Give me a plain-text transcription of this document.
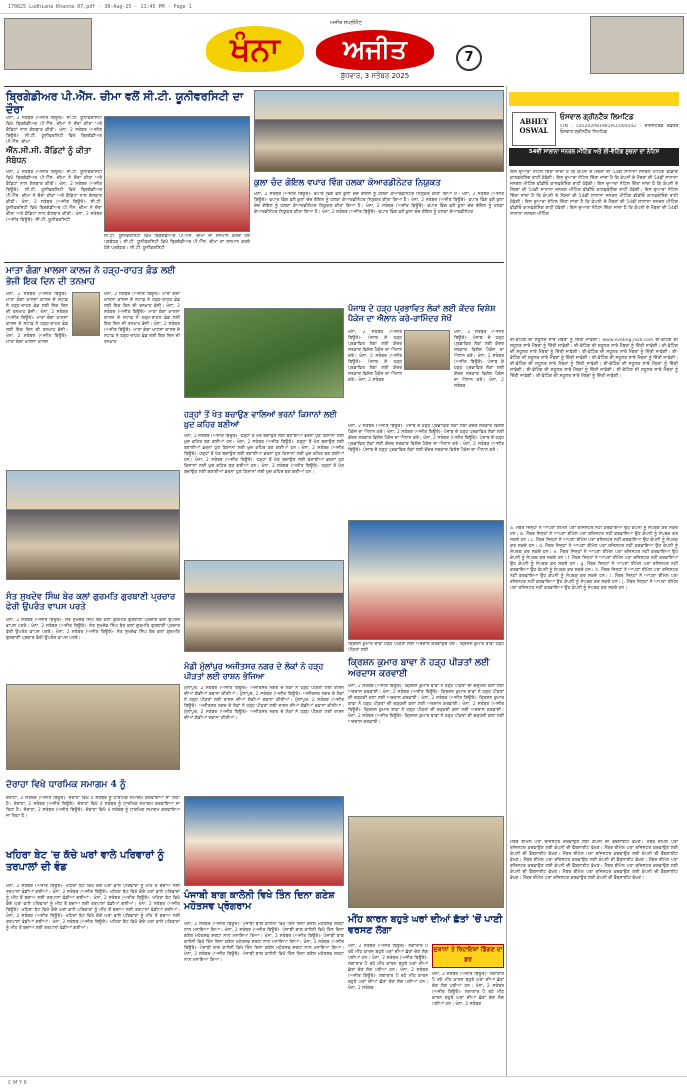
170825 Ludhiana Khanna 07.pdf · 30-Aug-25 · 11:45 PM · Page 1
ਅਜੀਤ ਸਪਲੀਮੈਂਟ
ਖੰਨਾ	ਅਜੀਤ	7
ਬੁੱਧਵਾਰ, 3 ਸਤੰਬਰ 2025
ਬ੍ਰਿਗੇਡੀਅਰ ਪੀ.ਐੱਸ. ਚੀਮਾ ਵਲੋਂ ਸੀ.ਟੀ. ਯੂਨੀਵਰਸਿਟੀ ਦਾ ਦੌਰਾ
ਖੰਨਾ, 2 ਸਤੰਬਰ (ਅਜੀਤ ਬਿਊਰੋ)- ਸੀ.ਟੀ. ਯੂਨੀਵਰਸਿਟੀ ਵਿਖੇ ਬ੍ਰਿਗੇਡੀਅਰ ਪੀ.ਐੱਸ. ਚੀਮਾ ਨੇ ਦੌਰਾ ਕੀਤਾ ਅਤੇ ਕੈਡਿਟਾਂ ਨਾਲ ਗੱਲਬਾਤ ਕੀਤੀ। ਖੰਨਾ, 2 ਸਤੰਬਰ (ਅਜੀਤ ਬਿਊਰੋ)- ਸੀ.ਟੀ. ਯੂਨੀਵਰਸਿਟੀ ਵਿਖੇ ਬ੍ਰਿਗੇਡੀਅਰ ਪੀ.ਐੱਸ. ਚੀਮਾ
ਐੱਨ.ਸੀ.ਸੀ. ਕੈਡਿਟਾਂ ਨੂੰ ਕੀਤਾ ਸੰਬੋਧਨ
ਖੰਨਾ, 2 ਸਤੰਬਰ (ਅਜੀਤ ਬਿਊਰੋ)- ਸੀ.ਟੀ. ਯੂਨੀਵਰਸਿਟੀ ਵਿਖੇ ਬ੍ਰਿਗੇਡੀਅਰ ਪੀ.ਐੱਸ. ਚੀਮਾ ਨੇ ਦੌਰਾ ਕੀਤਾ ਅਤੇ ਕੈਡਿਟਾਂ ਨਾਲ ਗੱਲਬਾਤ ਕੀਤੀ। ਖੰਨਾ, 2 ਸਤੰਬਰ (ਅਜੀਤ ਬਿਊਰੋ)- ਸੀ.ਟੀ. ਯੂਨੀਵਰਸਿਟੀ ਵਿਖੇ ਬ੍ਰਿਗੇਡੀਅਰ ਪੀ.ਐੱਸ. ਚੀਮਾ ਨੇ ਦੌਰਾ ਕੀਤਾ ਅਤੇ ਕੈਡਿਟਾਂ ਨਾਲ ਗੱਲਬਾਤ ਕੀਤੀ। ਖੰਨਾ, 2 ਸਤੰਬਰ (ਅਜੀਤ ਬਿਊਰੋ)- ਸੀ.ਟੀ. ਯੂਨੀਵਰਸਿਟੀ ਵਿਖੇ ਬ੍ਰਿਗੇਡੀਅਰ ਪੀ.ਐੱਸ. ਚੀਮਾ ਨੇ ਦੌਰਾ ਕੀਤਾ ਅਤੇ ਕੈਡਿਟਾਂ ਨਾਲ ਗੱਲਬਾਤ ਕੀਤੀ। ਖੰਨਾ, 2 ਸਤੰਬਰ (ਅਜੀਤ ਬਿਊਰੋ)- ਸੀ.ਟੀ. ਯੂਨੀਵਰਸਿਟੀ
ਸੀ.ਟੀ. ਯੂਨੀਵਰਸਿਟੀ ਵਿਖੇ ਬ੍ਰਿਗੇਡੀਅਰ ਪੀ.ਐੱਸ. ਚੀਮਾ ਦਾ ਸਨਮਾਨ ਕਰਦੇ ਹੋਏ ਪ੍ਰਬੰਧਕ। ਸੀ.ਟੀ. ਯੂਨੀਵਰਸਿਟੀ ਵਿਖੇ ਬ੍ਰਿਗੇਡੀਅਰ ਪੀ.ਐੱਸ. ਚੀਮਾ ਦਾ ਸਨਮਾਨ ਕਰਦੇ ਹੋਏ ਪ੍ਰਬੰਧਕ। ਸੀ.ਟੀ. ਯੂਨੀਵਰਸਿਟੀ
ਕੁਲਾ ਚੰਦ ਗੋਇਲ ਵਪਾਰ ਵਿੰਗ ਹਲਕਾ ਕੋਆਰਡੀਨੇਟਰ ਨਿਯੁਕਤ
ਖੰਨਾ, 2 ਸਤੰਬਰ (ਅਜੀਤ ਬਿਊਰੋ)- ਵਪਾਰ ਵਿੰਗ ਵਲੋਂ ਕੁਲਾ ਚੰਦ ਗੋਇਲ ਨੂੰ ਹਲਕਾ ਕੋਆਰਡੀਨੇਟਰ ਨਿਯੁਕਤ ਕੀਤਾ ਗਿਆ ਹੈ। ਖੰਨਾ, 2 ਸਤੰਬਰ (ਅਜੀਤ ਬਿਊਰੋ)- ਵਪਾਰ ਵਿੰਗ ਵਲੋਂ ਕੁਲਾ ਚੰਦ ਗੋਇਲ ਨੂੰ ਹਲਕਾ ਕੋਆਰਡੀਨੇਟਰ ਨਿਯੁਕਤ ਕੀਤਾ ਗਿਆ ਹੈ। ਖੰਨਾ, 2 ਸਤੰਬਰ (ਅਜੀਤ ਬਿਊਰੋ)- ਵਪਾਰ ਵਿੰਗ ਵਲੋਂ ਕੁਲਾ ਚੰਦ ਗੋਇਲ ਨੂੰ ਹਲਕਾ ਕੋਆਰਡੀਨੇਟਰ ਨਿਯੁਕਤ ਕੀਤਾ ਗਿਆ ਹੈ। ਖੰਨਾ, 2 ਸਤੰਬਰ (ਅਜੀਤ ਬਿਊਰੋ)- ਵਪਾਰ ਵਿੰਗ ਵਲੋਂ ਕੁਲਾ ਚੰਦ ਗੋਇਲ ਨੂੰ ਹਲਕਾ ਕੋਆਰਡੀਨੇਟਰ ਨਿਯੁਕਤ ਕੀਤਾ ਗਿਆ ਹੈ। ਖੰਨਾ, 2 ਸਤੰਬਰ (ਅਜੀਤ ਬਿਊਰੋ)- ਵਪਾਰ ਵਿੰਗ ਵਲੋਂ ਕੁਲਾ ਚੰਦ ਗੋਇਲ ਨੂੰ ਹਲਕਾ ਕੋਆਰਡੀਨੇਟਰ
ਮਾਤਾ ਗੰਗਾ ਖ਼ਾਲਸਾ ਕਾਲਜ ਨੇ ਹੜ੍ਹ-ਰਾਹਤ ਫ਼ੰਡ ਲਈ ਭੇਜੀ ਇਕ ਦਿਨ ਦੀ ਤਨਖ਼ਾਹ
ਖੰਨਾ, 2 ਸਤੰਬਰ (ਅਜੀਤ ਬਿਊਰੋ)- ਮਾਤਾ ਗੰਗਾ ਖ਼ਾਲਸਾ ਕਾਲਜ ਦੇ ਸਟਾਫ਼ ਨੇ ਹੜ੍ਹ-ਰਾਹਤ ਫ਼ੰਡ ਲਈ ਇਕ ਦਿਨ ਦੀ ਤਨਖ਼ਾਹ ਭੇਜੀ। ਖੰਨਾ, 2 ਸਤੰਬਰ (ਅਜੀਤ ਬਿਊਰੋ)- ਮਾਤਾ ਗੰਗਾ ਖ਼ਾਲਸਾ ਕਾਲਜ ਦੇ ਸਟਾਫ਼ ਨੇ ਹੜ੍ਹ-ਰਾਹਤ ਫ਼ੰਡ ਲਈ ਇਕ ਦਿਨ ਦੀ ਤਨਖ਼ਾਹ ਭੇਜੀ। ਖੰਨਾ, 2 ਸਤੰਬਰ (ਅਜੀਤ ਬਿਊਰੋ)- ਮਾਤਾ ਗੰਗਾ ਖ਼ਾਲਸਾ ਕਾਲਜ
ਖੰਨਾ, 2 ਸਤੰਬਰ (ਅਜੀਤ ਬਿਊਰੋ)- ਮਾਤਾ ਗੰਗਾ ਖ਼ਾਲਸਾ ਕਾਲਜ ਦੇ ਸਟਾਫ਼ ਨੇ ਹੜ੍ਹ-ਰਾਹਤ ਫ਼ੰਡ ਲਈ ਇਕ ਦਿਨ ਦੀ ਤਨਖ਼ਾਹ ਭੇਜੀ। ਖੰਨਾ, 2 ਸਤੰਬਰ (ਅਜੀਤ ਬਿਊਰੋ)- ਮਾਤਾ ਗੰਗਾ ਖ਼ਾਲਸਾ ਕਾਲਜ ਦੇ ਸਟਾਫ਼ ਨੇ ਹੜ੍ਹ-ਰਾਹਤ ਫ਼ੰਡ ਲਈ ਇਕ ਦਿਨ ਦੀ ਤਨਖ਼ਾਹ ਭੇਜੀ। ਖੰਨਾ, 2 ਸਤੰਬਰ (ਅਜੀਤ ਬਿਊਰੋ)- ਮਾਤਾ ਗੰਗਾ ਖ਼ਾਲਸਾ ਕਾਲਜ ਦੇ ਸਟਾਫ਼ ਨੇ ਹੜ੍ਹ-ਰਾਹਤ ਫ਼ੰਡ ਲਈ ਇਕ ਦਿਨ ਦੀ ਤਨਖ਼ਾਹ
ਹੜ੍ਹਾਂ ਤੋਂ ਖੇਤ ਬਚਾਉਣ ਵਾਲਿਆਂ ਭਰਨਾਂ ਕਿਸਾਨਾਂ ਲਈ ਖ਼ੁਦ ਕਹਿਰ ਬਣੀਆਂ
ਖੰਨਾ, 2 ਸਤੰਬਰ (ਅਜੀਤ ਬਿਊਰੋ)- ਹੜ੍ਹਾਂ ਤੋਂ ਖੇਤ ਬਚਾਉਣ ਲਈ ਬਣਾਈਆਂ ਭਰਨਾਂ ਹੁਣ ਕਿਸਾਨਾਂ ਲਈ ਖ਼ੁਦ ਕਹਿਰ ਬਣ ਗਈਆਂ ਹਨ। ਖੰਨਾ, 2 ਸਤੰਬਰ (ਅਜੀਤ ਬਿਊਰੋ)- ਹੜ੍ਹਾਂ ਤੋਂ ਖੇਤ ਬਚਾਉਣ ਲਈ ਬਣਾਈਆਂ ਭਰਨਾਂ ਹੁਣ ਕਿਸਾਨਾਂ ਲਈ ਖ਼ੁਦ ਕਹਿਰ ਬਣ ਗਈਆਂ ਹਨ। ਖੰਨਾ, 2 ਸਤੰਬਰ (ਅਜੀਤ ਬਿਊਰੋ)- ਹੜ੍ਹਾਂ ਤੋਂ ਖੇਤ ਬਚਾਉਣ ਲਈ ਬਣਾਈਆਂ ਭਰਨਾਂ ਹੁਣ ਕਿਸਾਨਾਂ ਲਈ ਖ਼ੁਦ ਕਹਿਰ ਬਣ ਗਈਆਂ ਹਨ। ਖੰਨਾ, 2 ਸਤੰਬਰ (ਅਜੀਤ ਬਿਊਰੋ)- ਹੜ੍ਹਾਂ ਤੋਂ ਖੇਤ ਬਚਾਉਣ ਲਈ ਬਣਾਈਆਂ ਭਰਨਾਂ ਹੁਣ ਕਿਸਾਨਾਂ ਲਈ ਖ਼ੁਦ ਕਹਿਰ ਬਣ ਗਈਆਂ ਹਨ। ਖੰਨਾ, 2 ਸਤੰਬਰ (ਅਜੀਤ ਬਿਊਰੋ)- ਹੜ੍ਹਾਂ ਤੋਂ ਖੇਤ ਬਚਾਉਣ ਲਈ ਬਣਾਈਆਂ ਭਰਨਾਂ ਹੁਣ ਕਿਸਾਨਾਂ ਲਈ ਖ਼ੁਦ ਕਹਿਰ ਬਣ ਗਈਆਂ ਹਨ।
ਪੰਜਾਬ ਦੇ ਹੜ੍ਹ ਪ੍ਰਭਾਵਿਤ ਲੋਕਾਂ ਲਈ ਕੇਂਦਰ ਵਿਸ਼ੇਸ਼ ਪੈਕੇਜ ਦਾ ਐਲਾਨ ਕਰੇ-ਰਾਮਿੰਦਰ ਸੇਖੋਂ
ਖੰਨਾ, 2 ਸਤੰਬਰ (ਅਜੀਤ ਬਿਊਰੋ)- ਪੰਜਾਬ ਦੇ ਹੜ੍ਹ ਪ੍ਰਭਾਵਿਤ ਲੋਕਾਂ ਲਈ ਕੇਂਦਰ ਸਰਕਾਰ ਵਿਸ਼ੇਸ਼ ਪੈਕੇਜ ਦਾ ਐਲਾਨ ਕਰੇ। ਖੰਨਾ, 2 ਸਤੰਬਰ (ਅਜੀਤ ਬਿਊਰੋ)- ਪੰਜਾਬ ਦੇ ਹੜ੍ਹ ਪ੍ਰਭਾਵਿਤ ਲੋਕਾਂ ਲਈ ਕੇਂਦਰ ਸਰਕਾਰ ਵਿਸ਼ੇਸ਼ ਪੈਕੇਜ ਦਾ ਐਲਾਨ ਕਰੇ। ਖੰਨਾ, 2 ਸਤੰਬਰ
ਖੰਨਾ, 2 ਸਤੰਬਰ (ਅਜੀਤ ਬਿਊਰੋ)- ਪੰਜਾਬ ਦੇ ਹੜ੍ਹ ਪ੍ਰਭਾਵਿਤ ਲੋਕਾਂ ਲਈ ਕੇਂਦਰ ਸਰਕਾਰ ਵਿਸ਼ੇਸ਼ ਪੈਕੇਜ ਦਾ ਐਲਾਨ ਕਰੇ। ਖੰਨਾ, 2 ਸਤੰਬਰ (ਅਜੀਤ ਬਿਊਰੋ)- ਪੰਜਾਬ ਦੇ ਹੜ੍ਹ ਪ੍ਰਭਾਵਿਤ ਲੋਕਾਂ ਲਈ ਕੇਂਦਰ ਸਰਕਾਰ ਵਿਸ਼ੇਸ਼ ਪੈਕੇਜ ਦਾ ਐਲਾਨ ਕਰੇ। ਖੰਨਾ, 2 ਸਤੰਬਰ
ਖੰਨਾ, 2 ਸਤੰਬਰ (ਅਜੀਤ ਬਿਊਰੋ)- ਪੰਜਾਬ ਦੇ ਹੜ੍ਹ ਪ੍ਰਭਾਵਿਤ ਲੋਕਾਂ ਲਈ ਕੇਂਦਰ ਸਰਕਾਰ ਵਿਸ਼ੇਸ਼ ਪੈਕੇਜ ਦਾ ਐਲਾਨ ਕਰੇ। ਖੰਨਾ, 2 ਸਤੰਬਰ (ਅਜੀਤ ਬਿਊਰੋ)- ਪੰਜਾਬ ਦੇ ਹੜ੍ਹ ਪ੍ਰਭਾਵਿਤ ਲੋਕਾਂ ਲਈ ਕੇਂਦਰ ਸਰਕਾਰ ਵਿਸ਼ੇਸ਼ ਪੈਕੇਜ ਦਾ ਐਲਾਨ ਕਰੇ। ਖੰਨਾ, 2 ਸਤੰਬਰ (ਅਜੀਤ ਬਿਊਰੋ)- ਪੰਜਾਬ ਦੇ ਹੜ੍ਹ ਪ੍ਰਭਾਵਿਤ ਲੋਕਾਂ ਲਈ ਕੇਂਦਰ ਸਰਕਾਰ ਵਿਸ਼ੇਸ਼ ਪੈਕੇਜ ਦਾ ਐਲਾਨ ਕਰੇ। ਖੰਨਾ, 2 ਸਤੰਬਰ (ਅਜੀਤ ਬਿਊਰੋ)- ਪੰਜਾਬ ਦੇ ਹੜ੍ਹ ਪ੍ਰਭਾਵਿਤ ਲੋਕਾਂ ਲਈ ਕੇਂਦਰ ਸਰਕਾਰ ਵਿਸ਼ੇਸ਼ ਪੈਕੇਜ ਦਾ ਐਲਾਨ ਕਰੇ।
ਸੰਤ ਸੁਖਦੇਵ ਸਿੰਘ ਬੇਰ ਕਲਾਂ ਗੁਰਮਤਿ ਗੁਰਬਾਣੀ ਪ੍ਰਚਾਰ ਫੇਰੀ ਉਪਰੰਤ ਵਾਪਸ ਪਰਤੇ
ਖੰਨਾ, 2 ਸਤੰਬਰ (ਅਜੀਤ ਬਿਊਰੋ)- ਸੰਤ ਸੁਖਦੇਵ ਸਿੰਘ ਬੇਰ ਕਲਾਂ ਗੁਰਮਤਿ ਗੁਰਬਾਣੀ ਪ੍ਰਚਾਰ ਫੇਰੀ ਉਪਰੰਤ ਵਾਪਸ ਪਰਤੇ। ਖੰਨਾ, 2 ਸਤੰਬਰ (ਅਜੀਤ ਬਿਊਰੋ)- ਸੰਤ ਸੁਖਦੇਵ ਸਿੰਘ ਬੇਰ ਕਲਾਂ ਗੁਰਮਤਿ ਗੁਰਬਾਣੀ ਪ੍ਰਚਾਰ ਫੇਰੀ ਉਪਰੰਤ ਵਾਪਸ ਪਰਤੇ। ਖੰਨਾ, 2 ਸਤੰਬਰ (ਅਜੀਤ ਬਿਊਰੋ)- ਸੰਤ ਸੁਖਦੇਵ ਸਿੰਘ ਬੇਰ ਕਲਾਂ ਗੁਰਮਤਿ ਗੁਰਬਾਣੀ ਪ੍ਰਚਾਰ ਫੇਰੀ ਉਪਰੰਤ ਵਾਪਸ ਪਰਤੇ।
ਕ੍ਰਿਸ਼ਨ ਕੁਮਾਰ ਬਾਵਾ ਹੜ੍ਹ ਪੀੜਤਾਂ ਲਈ ਅਰਦਾਸ ਕਰਵਾਉਂਦੇ ਹੋਏ। ਕ੍ਰਿਸ਼ਨ ਕੁਮਾਰ ਬਾਵਾ ਹੜ੍ਹ ਪੀੜਤਾਂ ਲਈ
ਮੰਡੀ ਮੁੱਲਾਂਪੁਰ ਅਜੀਤਸਰ ਨਗਰ ਦੇ ਲੋਕਾਂ ਨੇ ਹੜ੍ਹ ਪੀੜਤਾਂ ਲਈ ਰਾਸ਼ਨ ਭੇਜਿਆ
ਮੁੱਲਾਂਪੁਰ, 2 ਸਤੰਬਰ (ਅਜੀਤ ਬਿਊਰੋ)- ਅਜੀਤਸਰ ਨਗਰ ਦੇ ਲੋਕਾਂ ਨੇ ਹੜ੍ਹ ਪੀੜਤਾਂ ਲਈ ਰਾਸ਼ਨ ਦੀਆਂ ਗੱਡੀਆਂ ਰਵਾਨਾ ਕੀਤੀਆਂ। ਮੁੱਲਾਂਪੁਰ, 2 ਸਤੰਬਰ (ਅਜੀਤ ਬਿਊਰੋ)- ਅਜੀਤਸਰ ਨਗਰ ਦੇ ਲੋਕਾਂ ਨੇ ਹੜ੍ਹ ਪੀੜਤਾਂ ਲਈ ਰਾਸ਼ਨ ਦੀਆਂ ਗੱਡੀਆਂ ਰਵਾਨਾ ਕੀਤੀਆਂ। ਮੁੱਲਾਂਪੁਰ, 2 ਸਤੰਬਰ (ਅਜੀਤ ਬਿਊਰੋ)- ਅਜੀਤਸਰ ਨਗਰ ਦੇ ਲੋਕਾਂ ਨੇ ਹੜ੍ਹ ਪੀੜਤਾਂ ਲਈ ਰਾਸ਼ਨ ਦੀਆਂ ਗੱਡੀਆਂ ਰਵਾਨਾ ਕੀਤੀਆਂ। ਮੁੱਲਾਂਪੁਰ, 2 ਸਤੰਬਰ (ਅਜੀਤ ਬਿਊਰੋ)- ਅਜੀਤਸਰ ਨਗਰ ਦੇ ਲੋਕਾਂ ਨੇ ਹੜ੍ਹ ਪੀੜਤਾਂ ਲਈ ਰਾਸ਼ਨ ਦੀਆਂ ਗੱਡੀਆਂ ਰਵਾਨਾ ਕੀਤੀਆਂ।
ਕ੍ਰਿਸ਼ਨ ਕੁਮਾਰ ਬਾਵਾ ਨੇ ਹੜ੍ਹ ਪੀੜਤਾਂ ਲਈ ਅਰਦਾਸ ਕਰਵਾਈ
ਖੰਨਾ, 2 ਸਤੰਬਰ (ਅਜੀਤ ਬਿਊਰੋ)- ਕ੍ਰਿਸ਼ਨ ਕੁਮਾਰ ਬਾਵਾ ਨੇ ਹੜ੍ਹ ਪੀੜਤਾਂ ਦੀ ਚੜ੍ਹਦੀ ਕਲਾ ਲਈ ਅਰਦਾਸ ਕਰਵਾਈ। ਖੰਨਾ, 2 ਸਤੰਬਰ (ਅਜੀਤ ਬਿਊਰੋ)- ਕ੍ਰਿਸ਼ਨ ਕੁਮਾਰ ਬਾਵਾ ਨੇ ਹੜ੍ਹ ਪੀੜਤਾਂ ਦੀ ਚੜ੍ਹਦੀ ਕਲਾ ਲਈ ਅਰਦਾਸ ਕਰਵਾਈ। ਖੰਨਾ, 2 ਸਤੰਬਰ (ਅਜੀਤ ਬਿਊਰੋ)- ਕ੍ਰਿਸ਼ਨ ਕੁਮਾਰ ਬਾਵਾ ਨੇ ਹੜ੍ਹ ਪੀੜਤਾਂ ਦੀ ਚੜ੍ਹਦੀ ਕਲਾ ਲਈ ਅਰਦਾਸ ਕਰਵਾਈ। ਖੰਨਾ, 2 ਸਤੰਬਰ (ਅਜੀਤ ਬਿਊਰੋ)- ਕ੍ਰਿਸ਼ਨ ਕੁਮਾਰ ਬਾਵਾ ਨੇ ਹੜ੍ਹ ਪੀੜਤਾਂ ਦੀ ਚੜ੍ਹਦੀ ਕਲਾ ਲਈ ਅਰਦਾਸ ਕਰਵਾਈ। ਖੰਨਾ, 2 ਸਤੰਬਰ (ਅਜੀਤ ਬਿਊਰੋ)- ਕ੍ਰਿਸ਼ਨ ਕੁਮਾਰ ਬਾਵਾ ਨੇ ਹੜ੍ਹ ਪੀੜਤਾਂ ਦੀ ਚੜ੍ਹਦੀ ਕਲਾ ਲਈ ਅਰਦਾਸ ਕਰਵਾਈ।
ਦੋਰਾਹਾ ਵਿਖੇ ਧਾਰਮਿਕ ਸਮਾਗਮ 4 ਨੂੰ
ਦੋਰਾਹਾ, 2 ਸਤੰਬਰ (ਅਜੀਤ ਬਿਊਰੋ)- ਦੋਰਾਹਾ ਵਿਖੇ 4 ਸਤੰਬਰ ਨੂੰ ਧਾਰਮਿਕ ਸਮਾਗਮ ਕਰਵਾਇਆ ਜਾ ਰਿਹਾ ਹੈ। ਦੋਰਾਹਾ, 2 ਸਤੰਬਰ (ਅਜੀਤ ਬਿਊਰੋ)- ਦੋਰਾਹਾ ਵਿਖੇ 4 ਸਤੰਬਰ ਨੂੰ ਧਾਰਮਿਕ ਸਮਾਗਮ ਕਰਵਾਇਆ ਜਾ ਰਿਹਾ ਹੈ। ਦੋਰਾਹਾ, 2 ਸਤੰਬਰ (ਅਜੀਤ ਬਿਊਰੋ)- ਦੋਰਾਹਾ ਵਿਖੇ 4 ਸਤੰਬਰ ਨੂੰ ਧਾਰਮਿਕ ਸਮਾਗਮ ਕਰਵਾਇਆ ਜਾ ਰਿਹਾ ਹੈ।
ਖਹਿਰਾ ਬੇਟ 'ਚ ਕੱਚੇ ਘਰਾਂ ਵਾਲੇ ਪਰਿਵਾਰਾਂ ਨੂੰ ਤਰਪਾਲਾਂ ਦੀ ਵੰਡ
ਖੰਨਾ, 2 ਸਤੰਬਰ (ਅਜੀਤ ਬਿਊਰੋ)- ਖਹਿਰਾ ਬੇਟ ਵਿਖੇ ਕੱਚੇ ਘਰਾਂ ਵਾਲੇ ਪਰਿਵਾਰਾਂ ਨੂੰ ਮੀਂਹ ਤੋਂ ਬਚਾਅ ਲਈ ਤਰਪਾਲਾਂ ਵੰਡੀਆਂ ਗਈਆਂ। ਖੰਨਾ, 2 ਸਤੰਬਰ (ਅਜੀਤ ਬਿਊਰੋ)- ਖਹਿਰਾ ਬੇਟ ਵਿਖੇ ਕੱਚੇ ਘਰਾਂ ਵਾਲੇ ਪਰਿਵਾਰਾਂ ਨੂੰ ਮੀਂਹ ਤੋਂ ਬਚਾਅ ਲਈ ਤਰਪਾਲਾਂ ਵੰਡੀਆਂ ਗਈਆਂ। ਖੰਨਾ, 2 ਸਤੰਬਰ (ਅਜੀਤ ਬਿਊਰੋ)- ਖਹਿਰਾ ਬੇਟ ਵਿਖੇ ਕੱਚੇ ਘਰਾਂ ਵਾਲੇ ਪਰਿਵਾਰਾਂ ਨੂੰ ਮੀਂਹ ਤੋਂ ਬਚਾਅ ਲਈ ਤਰਪਾਲਾਂ ਵੰਡੀਆਂ ਗਈਆਂ। ਖੰਨਾ, 2 ਸਤੰਬਰ (ਅਜੀਤ ਬਿਊਰੋ)- ਖਹਿਰਾ ਬੇਟ ਵਿਖੇ ਕੱਚੇ ਘਰਾਂ ਵਾਲੇ ਪਰਿਵਾਰਾਂ ਨੂੰ ਮੀਂਹ ਤੋਂ ਬਚਾਅ ਲਈ ਤਰਪਾਲਾਂ ਵੰਡੀਆਂ ਗਈਆਂ। ਖੰਨਾ, 2 ਸਤੰਬਰ (ਅਜੀਤ ਬਿਊਰੋ)- ਖਹਿਰਾ ਬੇਟ ਵਿਖੇ ਕੱਚੇ ਘਰਾਂ ਵਾਲੇ ਪਰਿਵਾਰਾਂ ਨੂੰ ਮੀਂਹ ਤੋਂ ਬਚਾਅ ਲਈ ਤਰਪਾਲਾਂ ਵੰਡੀਆਂ ਗਈਆਂ। ਖੰਨਾ, 2 ਸਤੰਬਰ (ਅਜੀਤ ਬਿਊਰੋ)- ਖਹਿਰਾ ਬੇਟ ਵਿਖੇ ਕੱਚੇ ਘਰਾਂ ਵਾਲੇ ਪਰਿਵਾਰਾਂ ਨੂੰ ਮੀਂਹ ਤੋਂ ਬਚਾਅ ਲਈ ਤਰਪਾਲਾਂ ਵੰਡੀਆਂ ਗਈਆਂ।
ਪੰਜਾਬੀ ਬਾਗ ਕਾਲੋਨੀ ਵਿਖੇ ਤਿੰਨ ਦਿਨਾ ਗਣੇਸ਼ ਮਹੋਤਸਵ ਪ੍ਰੋਗਰਾਮ
ਖੰਨਾ, 2 ਸਤੰਬਰ (ਅਜੀਤ ਬਿਊਰੋ)- ਪੰਜਾਬੀ ਬਾਗ ਕਾਲੋਨੀ ਵਿਖੇ ਤਿੰਨ ਦਿਨਾ ਗਣੇਸ਼ ਮਹੋਤਸਵ ਸ਼ਰਧਾ ਨਾਲ ਮਨਾਇਆ ਗਿਆ। ਖੰਨਾ, 2 ਸਤੰਬਰ (ਅਜੀਤ ਬਿਊਰੋ)- ਪੰਜਾਬੀ ਬਾਗ ਕਾਲੋਨੀ ਵਿਖੇ ਤਿੰਨ ਦਿਨਾ ਗਣੇਸ਼ ਮਹੋਤਸਵ ਸ਼ਰਧਾ ਨਾਲ ਮਨਾਇਆ ਗਿਆ। ਖੰਨਾ, 2 ਸਤੰਬਰ (ਅਜੀਤ ਬਿਊਰੋ)- ਪੰਜਾਬੀ ਬਾਗ ਕਾਲੋਨੀ ਵਿਖੇ ਤਿੰਨ ਦਿਨਾ ਗਣੇਸ਼ ਮਹੋਤਸਵ ਸ਼ਰਧਾ ਨਾਲ ਮਨਾਇਆ ਗਿਆ। ਖੰਨਾ, 2 ਸਤੰਬਰ (ਅਜੀਤ ਬਿਊਰੋ)- ਪੰਜਾਬੀ ਬਾਗ ਕਾਲੋਨੀ ਵਿਖੇ ਤਿੰਨ ਦਿਨਾ ਗਣੇਸ਼ ਮਹੋਤਸਵ ਸ਼ਰਧਾ ਨਾਲ ਮਨਾਇਆ ਗਿਆ। ਖੰਨਾ, 2 ਸਤੰਬਰ (ਅਜੀਤ ਬਿਊਰੋ)- ਪੰਜਾਬੀ ਬਾਗ ਕਾਲੋਨੀ ਵਿਖੇ ਤਿੰਨ ਦਿਨਾ ਗਣੇਸ਼ ਮਹੋਤਸਵ ਸ਼ਰਧਾ ਨਾਲ ਮਨਾਇਆ ਗਿਆ।
ਮੀਂਹ ਕਾਰਨ ਬਹੁਤੇ ਘਰਾਂ ਦੀਆਂ ਛੱਤਾਂ 'ਚੋਂ ਪਾਣੀ ਵਰਸਣ ਲੱਗਾ
ਖੰਨਾ, 2 ਸਤੰਬਰ (ਅਜੀਤ ਬਿਊਰੋ)- ਲਗਾਤਾਰ ਪੈ ਰਹੇ ਮੀਂਹ ਕਾਰਨ ਬਹੁਤੇ ਘਰਾਂ ਦੀਆਂ ਛੱਤਾਂ ਚੋਣ ਲੱਗ ਪਈਆਂ ਹਨ। ਖੰਨਾ, 2 ਸਤੰਬਰ (ਅਜੀਤ ਬਿਊਰੋ)- ਲਗਾਤਾਰ ਪੈ ਰਹੇ ਮੀਂਹ ਕਾਰਨ ਬਹੁਤੇ ਘਰਾਂ ਦੀਆਂ ਛੱਤਾਂ ਚੋਣ ਲੱਗ ਪਈਆਂ ਹਨ। ਖੰਨਾ, 2 ਸਤੰਬਰ (ਅਜੀਤ ਬਿਊਰੋ)- ਲਗਾਤਾਰ ਪੈ ਰਹੇ ਮੀਂਹ ਕਾਰਨ ਬਹੁਤੇ ਘਰਾਂ ਦੀਆਂ ਛੱਤਾਂ ਚੋਣ ਲੱਗ ਪਈਆਂ ਹਨ। ਖੰਨਾ, 2 ਸਤੰਬਰ
ਦੁਕਾਨਾਂ ਤੇ ਰਿਹਾਇਸ਼ਾਂ ਡਿੱਗਣ ਦਾ ਡਰ
ਖੰਨਾ, 2 ਸਤੰਬਰ (ਅਜੀਤ ਬਿਊਰੋ)- ਲਗਾਤਾਰ ਪੈ ਰਹੇ ਮੀਂਹ ਕਾਰਨ ਬਹੁਤੇ ਘਰਾਂ ਦੀਆਂ ਛੱਤਾਂ ਚੋਣ ਲੱਗ ਪਈਆਂ ਹਨ। ਖੰਨਾ, 2 ਸਤੰਬਰ (ਅਜੀਤ ਬਿਊਰੋ)- ਲਗਾਤਾਰ ਪੈ ਰਹੇ ਮੀਂਹ ਕਾਰਨ ਬਹੁਤੇ ਘਰਾਂ ਦੀਆਂ ਛੱਤਾਂ ਚੋਣ ਲੱਗ ਪਈਆਂ ਹਨ। ਖੰਨਾ, 2 ਸਤੰਬਰ
ABHEY
OSWAL
ਓਸਵਾਲ ਗ੍ਰੀਨਟੈੱਕ ਲਿਮਟਿਡ
CIN : L45202PB1981PLC004542 · ਰਜਿਸਟਰਡ ਦਫ਼ਤਰ: ਓਸਵਾਲ ਗ੍ਰੀਨਟੈੱਕ ਲਿਮਟਿਡ
54ਵੀਂ ਸਾਲਾਨਾ ਜਨਰਲ ਮੀਟਿੰਗ ਅਤੇ ਈ-ਵੋਟਿੰਗ ਸੂਚਨਾ ਦਾ ਨੋਟਿਸ
ਇਸ ਦੁਆਰਾ ਨੋਟਿਸ ਦਿੱਤਾ ਜਾਂਦਾ ਹੈ ਕਿ ਕੰਪਨੀ ਦੇ ਮੈਂਬਰਾਂ ਦੀ 54ਵੀਂ ਸਾਲਾਨਾ ਜਨਰਲ ਮੀਟਿੰਗ ਵੀਡੀਓ ਕਾਨਫਰੰਸਿੰਗ ਰਾਹੀਂ ਹੋਵੇਗੀ। ਇਸ ਦੁਆਰਾ ਨੋਟਿਸ ਦਿੱਤਾ ਜਾਂਦਾ ਹੈ ਕਿ ਕੰਪਨੀ ਦੇ ਮੈਂਬਰਾਂ ਦੀ 54ਵੀਂ ਸਾਲਾਨਾ ਜਨਰਲ ਮੀਟਿੰਗ ਵੀਡੀਓ ਕਾਨਫਰੰਸਿੰਗ ਰਾਹੀਂ ਹੋਵੇਗੀ। ਇਸ ਦੁਆਰਾ ਨੋਟਿਸ ਦਿੱਤਾ ਜਾਂਦਾ ਹੈ ਕਿ ਕੰਪਨੀ ਦੇ ਮੈਂਬਰਾਂ ਦੀ 54ਵੀਂ ਸਾਲਾਨਾ ਜਨਰਲ ਮੀਟਿੰਗ ਵੀਡੀਓ ਕਾਨਫਰੰਸਿੰਗ ਰਾਹੀਂ ਹੋਵੇਗੀ। ਇਸ ਦੁਆਰਾ ਨੋਟਿਸ ਦਿੱਤਾ ਜਾਂਦਾ ਹੈ ਕਿ ਕੰਪਨੀ ਦੇ ਮੈਂਬਰਾਂ ਦੀ 54ਵੀਂ ਸਾਲਾਨਾ ਜਨਰਲ ਮੀਟਿੰਗ ਵੀਡੀਓ ਕਾਨਫਰੰਸਿੰਗ ਰਾਹੀਂ ਹੋਵੇਗੀ। ਇਸ ਦੁਆਰਾ ਨੋਟਿਸ ਦਿੱਤਾ ਜਾਂਦਾ ਹੈ ਕਿ ਕੰਪਨੀ ਦੇ ਮੈਂਬਰਾਂ ਦੀ 54ਵੀਂ ਸਾਲਾਨਾ ਜਨਰਲ ਮੀਟਿੰਗ ਵੀਡੀਓ ਕਾਨਫਰੰਸਿੰਗ ਰਾਹੀਂ ਹੋਵੇਗੀ। ਇਸ ਦੁਆਰਾ ਨੋਟਿਸ ਦਿੱਤਾ ਜਾਂਦਾ ਹੈ ਕਿ ਕੰਪਨੀ ਦੇ ਮੈਂਬਰਾਂ ਦੀ 54ਵੀਂ ਸਾਲਾਨਾ ਜਨਰਲ ਮੀਟਿੰਗ
ਈ-ਵੋਟਿੰਗ ਦੀ ਸਹੂਲਤ ਸਾਰੇ ਮੈਂਬਰਾਂ ਨੂੰ ਦਿੱਤੀ ਜਾਵੇਗੀ। www.evoting.nsdl.com ਈ-ਵੋਟਿੰਗ ਦੀ ਸਹੂਲਤ ਸਾਰੇ ਮੈਂਬਰਾਂ ਨੂੰ ਦਿੱਤੀ ਜਾਵੇਗੀ। ਈ-ਵੋਟਿੰਗ ਦੀ ਸਹੂਲਤ ਸਾਰੇ ਮੈਂਬਰਾਂ ਨੂੰ ਦਿੱਤੀ ਜਾਵੇਗੀ। ਈ-ਵੋਟਿੰਗ ਦੀ ਸਹੂਲਤ ਸਾਰੇ ਮੈਂਬਰਾਂ ਨੂੰ ਦਿੱਤੀ ਜਾਵੇਗੀ। ਈ-ਵੋਟਿੰਗ ਦੀ ਸਹੂਲਤ ਸਾਰੇ ਮੈਂਬਰਾਂ ਨੂੰ ਦਿੱਤੀ ਜਾਵੇਗੀ। ਈ-ਵੋਟਿੰਗ ਦੀ ਸਹੂਲਤ ਸਾਰੇ ਮੈਂਬਰਾਂ ਨੂੰ ਦਿੱਤੀ ਜਾਵੇਗੀ। ਈ-ਵੋਟਿੰਗ ਦੀ ਸਹੂਲਤ ਸਾਰੇ ਮੈਂਬਰਾਂ ਨੂੰ ਦਿੱਤੀ ਜਾਵੇਗੀ। ਈ-ਵੋਟਿੰਗ ਦੀ ਸਹੂਲਤ ਸਾਰੇ ਮੈਂਬਰਾਂ ਨੂੰ ਦਿੱਤੀ ਜਾਵੇਗੀ। ਈ-ਵੋਟਿੰਗ ਦੀ ਸਹੂਲਤ ਸਾਰੇ ਮੈਂਬਰਾਂ ਨੂੰ ਦਿੱਤੀ ਜਾਵੇਗੀ। ਈ-ਵੋਟਿੰਗ ਦੀ ਸਹੂਲਤ ਸਾਰੇ ਮੈਂਬਰਾਂ ਨੂੰ ਦਿੱਤੀ ਜਾਵੇਗੀ। ਈ-ਵੋਟਿੰਗ ਦੀ ਸਹੂਲਤ ਸਾਰੇ ਮੈਂਬਰਾਂ ਨੂੰ ਦਿੱਤੀ ਜਾਵੇਗੀ। ਈ-ਵੋਟਿੰਗ ਦੀ ਸਹੂਲਤ ਸਾਰੇ ਮੈਂਬਰਾਂ ਨੂੰ ਦਿੱਤੀ ਜਾਵੇਗੀ।
a. ਮੈਂਬਰ ਜਿਨ੍ਹਾਂ ਨੇ ਆਪਣਾ ਈਮੇਲ ਪਤਾ ਰਜਿਸਟਰ ਨਹੀਂ ਕਰਵਾਇਆ ਉਹ ਕੰਪਨੀ ਨੂੰ ਸੰਪਰਕ ਕਰ ਸਕਦੇ ਹਨ। b. ਮੈਂਬਰ ਜਿਨ੍ਹਾਂ ਨੇ ਆਪਣਾ ਈਮੇਲ ਪਤਾ ਰਜਿਸਟਰ ਨਹੀਂ ਕਰਵਾਇਆ ਉਹ ਕੰਪਨੀ ਨੂੰ ਸੰਪਰਕ ਕਰ ਸਕਦੇ ਹਨ। c. ਮੈਂਬਰ ਜਿਨ੍ਹਾਂ ਨੇ ਆਪਣਾ ਈਮੇਲ ਪਤਾ ਰਜਿਸਟਰ ਨਹੀਂ ਕਰਵਾਇਆ ਉਹ ਕੰਪਨੀ ਨੂੰ ਸੰਪਰਕ ਕਰ ਸਕਦੇ ਹਨ। d. ਮੈਂਬਰ ਜਿਨ੍ਹਾਂ ਨੇ ਆਪਣਾ ਈਮੇਲ ਪਤਾ ਰਜਿਸਟਰ ਨਹੀਂ ਕਰਵਾਇਆ ਉਹ ਕੰਪਨੀ ਨੂੰ ਸੰਪਰਕ ਕਰ ਸਕਦੇ ਹਨ। e. ਮੈਂਬਰ ਜਿਨ੍ਹਾਂ ਨੇ ਆਪਣਾ ਈਮੇਲ ਪਤਾ ਰਜਿਸਟਰ ਨਹੀਂ ਕਰਵਾਇਆ ਉਹ ਕੰਪਨੀ ਨੂੰ ਸੰਪਰਕ ਕਰ ਸਕਦੇ ਹਨ। f. ਮੈਂਬਰ ਜਿਨ੍ਹਾਂ ਨੇ ਆਪਣਾ ਈਮੇਲ ਪਤਾ ਰਜਿਸਟਰ ਨਹੀਂ ਕਰਵਾਇਆ ਉਹ ਕੰਪਨੀ ਨੂੰ ਸੰਪਰਕ ਕਰ ਸਕਦੇ ਹਨ। g. ਮੈਂਬਰ ਜਿਨ੍ਹਾਂ ਨੇ ਆਪਣਾ ਈਮੇਲ ਪਤਾ ਰਜਿਸਟਰ ਨਹੀਂ ਕਰਵਾਇਆ ਉਹ ਕੰਪਨੀ ਨੂੰ ਸੰਪਰਕ ਕਰ ਸਕਦੇ ਹਨ। h. ਮੈਂਬਰ ਜਿਨ੍ਹਾਂ ਨੇ ਆਪਣਾ ਈਮੇਲ ਪਤਾ ਰਜਿਸਟਰ ਨਹੀਂ ਕਰਵਾਇਆ ਉਹ ਕੰਪਨੀ ਨੂੰ ਸੰਪਰਕ ਕਰ ਸਕਦੇ ਹਨ। i. ਮੈਂਬਰ ਜਿਨ੍ਹਾਂ ਨੇ ਆਪਣਾ ਈਮੇਲ ਪਤਾ ਰਜਿਸਟਰ ਨਹੀਂ ਕਰਵਾਇਆ ਉਹ ਕੰਪਨੀ ਨੂੰ ਸੰਪਰਕ ਕਰ ਸਕਦੇ ਹਨ। j. ਮੈਂਬਰ ਜਿਨ੍ਹਾਂ ਨੇ ਆਪਣਾ ਈਮੇਲ ਪਤਾ ਰਜਿਸਟਰ ਨਹੀਂ ਕਰਵਾਇਆ ਉਹ ਕੰਪਨੀ ਨੂੰ ਸੰਪਰਕ ਕਰ ਸਕਦੇ ਹਨ।
ਮੈਂਬਰ ਈਮੇਲ ਪਤਾ ਰਜਿਸਟਰ ਕਰਵਾਉਣ ਲਈ ਕੰਪਨੀ ਦੀ ਵੈੱਬਸਾਈਟ ਵੇਖਣ। ਮੈਂਬਰ ਈਮੇਲ ਪਤਾ ਰਜਿਸਟਰ ਕਰਵਾਉਣ ਲਈ ਕੰਪਨੀ ਦੀ ਵੈੱਬਸਾਈਟ ਵੇਖਣ। ਮੈਂਬਰ ਈਮੇਲ ਪਤਾ ਰਜਿਸਟਰ ਕਰਵਾਉਣ ਲਈ ਕੰਪਨੀ ਦੀ ਵੈੱਬਸਾਈਟ ਵੇਖਣ। ਮੈਂਬਰ ਈਮੇਲ ਪਤਾ ਰਜਿਸਟਰ ਕਰਵਾਉਣ ਲਈ ਕੰਪਨੀ ਦੀ ਵੈੱਬਸਾਈਟ ਵੇਖਣ। ਮੈਂਬਰ ਈਮੇਲ ਪਤਾ ਰਜਿਸਟਰ ਕਰਵਾਉਣ ਲਈ ਕੰਪਨੀ ਦੀ ਵੈੱਬਸਾਈਟ ਵੇਖਣ। ਮੈਂਬਰ ਈਮੇਲ ਪਤਾ ਰਜਿਸਟਰ ਕਰਵਾਉਣ ਲਈ ਕੰਪਨੀ ਦੀ ਵੈੱਬਸਾਈਟ ਵੇਖਣ। ਮੈਂਬਰ ਈਮੇਲ ਪਤਾ ਰਜਿਸਟਰ ਕਰਵਾਉਣ ਲਈ ਕੰਪਨੀ ਦੀ ਵੈੱਬਸਾਈਟ ਵੇਖਣ। ਮੈਂਬਰ ਈਮੇਲ ਪਤਾ ਰਜਿਸਟਰ ਕਰਵਾਉਣ ਲਈ ਕੰਪਨੀ ਦੀ ਵੈੱਬਸਾਈਟ ਵੇਖਣ। ਮੈਂਬਰ ਈਮੇਲ ਪਤਾ ਰਜਿਸਟਰ ਕਰਵਾਉਣ ਲਈ ਕੰਪਨੀ ਦੀ ਵੈੱਬਸਾਈਟ ਵੇਖਣ।
C M Y K
